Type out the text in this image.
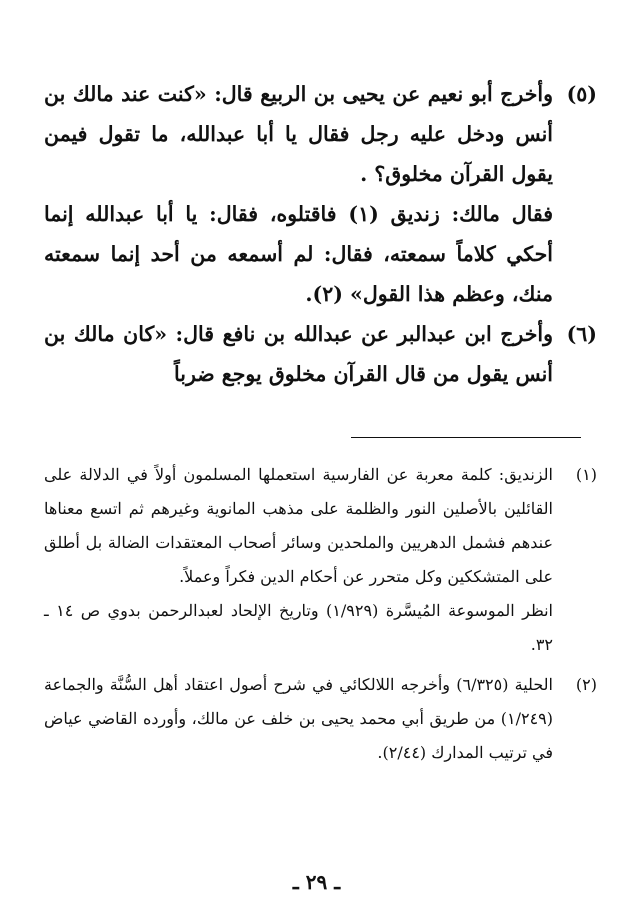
(٥)
وأخرج أبو نعيم عن يحيى بن الربيع قال: «كنت عند مالك بن أنس ودخل عليه رجل فقال يا أبا عبدالله، ما تقول فيمن يقول القرآن مخلوق؟ .
فقال مالك: زنديق (١) فاقتلوه، فقال: يا أبا عبدالله إنما أحكي كلاماً سمعته، فقال: لم أسمعه من أحد إنما سمعته منك، وعظم هذا القول» (٢).
(٦)
وأخرج ابن عبدالبر عن عبدالله بن نافع قال: «كان مالك بن أنس يقول من قال القرآن مخلوق يوجع ضرباً
(١)
الزنديق: كلمة معربة عن الفارسية استعملها المسلمون أولاً في الدلالة على القائلين بالأصلين النور والظلمة على مذهب المانوية وغيرهم ثم اتسع معناها عندهم فشمل الدهريين والملحدين وسائر أصحاب المعتقدات الضالة بل أطلق على المتشككين وكل متحرر عن أحكام الدين فكراً وعملاً.
انظر الموسوعة المُيسَّرة (١/٩٢٩) وتاريخ الإلحاد لعبدالرحمن بدوي ص ١٤ ـ ٣٢.
(٢)
الحلية (٦/٣٢٥) وأخرجه اللالكائي في شرح أصول اعتقاد أهل السُّنَّة والجماعة (١/٢٤٩) من طريق أبي محمد يحيى بن خلف عن مالك، وأورده القاضي عياض في ترتيب المدارك (٢/٤٤).
ـ ٢٩ ـ
